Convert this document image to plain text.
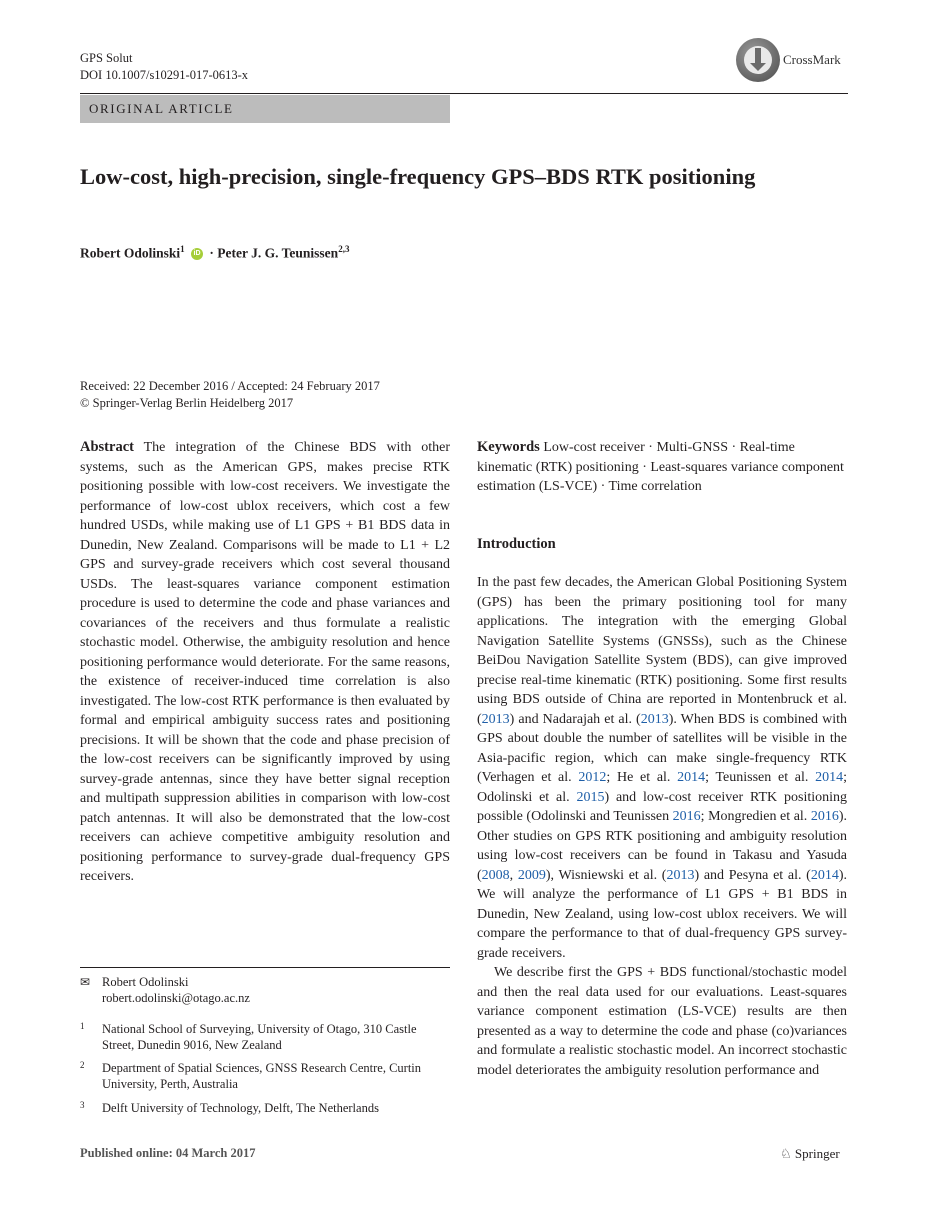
GPS Solut
DOI 10.1007/s10291-017-0613-x
CrossMark
ORIGINAL ARTICLE
Low-cost, high-precision, single-frequency GPS–BDS RTK positioning
Robert Odolinski$^1$ iD · Peter J. G. Teunissen$^{2,3}$
Received: 22 December 2016 / Accepted: 24 February 2017
© Springer-Verlag Berlin Heidelberg 2017
Abstract The integration of the Chinese BDS with other systems, such as the American GPS, makes precise RTK positioning possible with low-cost receivers. We investigate the performance of low-cost ublox receivers, which cost a few hundred USDs, while making use of L1 GPS + B1 BDS data in Dunedin, New Zealand. Comparisons will be made to L1 + L2 GPS and survey-grade receivers which cost several thousand USDs. The least-squares variance component estimation procedure is used to determine the code and phase variances and covariances of the receivers and thus formulate a realistic stochastic model. Otherwise, the ambiguity resolution and hence positioning performance would deteriorate. For the same reasons, the existence of receiver-induced time correlation is also investigated. The low-cost RTK performance is then evaluated by formal and empirical ambiguity success rates and positioning precisions. It will be shown that the code and phase precision of the low-cost receivers can be significantly improved by using survey-grade antennas, since they have better signal reception and multipath suppression abilities in comparison with low-cost patch antennas. It will also be demonstrated that the low-cost receivers can achieve competitive ambiguity resolution and positioning performance to survey-grade dual-frequency GPS receivers.
Keywords Low-cost receiver · Multi-GNSS · Real-time kinematic (RTK) positioning · Least-squares variance component estimation (LS-VCE) · Time correlation
Introduction

In the past few decades, the American Global Positioning System (GPS) has been the primary positioning tool for many applications. The integration with the emerging Global Navigation Satellite Systems (GNSSs), such as the Chinese BeiDou Navigation Satellite System (BDS), can give improved precise real-time kinematic (RTK) positioning. Some first results using BDS outside of China are reported in Montenbruck et al. (2013) and Nadarajah et al. (2013). When BDS is combined with GPS about double the number of satellites will be visible in the Asia-pacific region, which can make single-frequency RTK (Verhagen et al. 2012; He et al. 2014; Teunissen et al. 2014; Odolinski et al. 2015) and low-cost receiver RTK positioning possible (Odolinski and Teunissen 2016; Mongredien et al. 2016). Other studies on GPS RTK positioning and ambiguity resolution using low-cost receivers can be found in Takasu and Yasuda (2008, 2009), Wisniewski et al. (2013) and Pesyna et al. (2014). We will analyze the performance of L1 GPS + B1 BDS in Dunedin, New Zealand, using low-cost ublox receivers. We will compare the performance to that of dual-frequency GPS survey-grade receivers.

We describe first the GPS + BDS functional/stochastic model and then the real data used for our evaluations. Least-squares variance component estimation (LS-VCE) results are then presented as a way to determine the code and phase (co)variances and formulate a realistic stochastic model. An incorrect stochastic model deteriorates the ambiguity resolution performance and

✉ Robert Odolinski

robert.odolinski@otago.ac.nz
1 National School of Surveying, University of Otago, 310 Castle Street, Dunedin 9016, New Zealand
2 Department of Spatial Sciences, GNSS Research Centre, Curtin University, Perth, Australia
3 Delft University of Technology, Delft, The Netherlands
Published online: 04 March 2017	♘ Springer
